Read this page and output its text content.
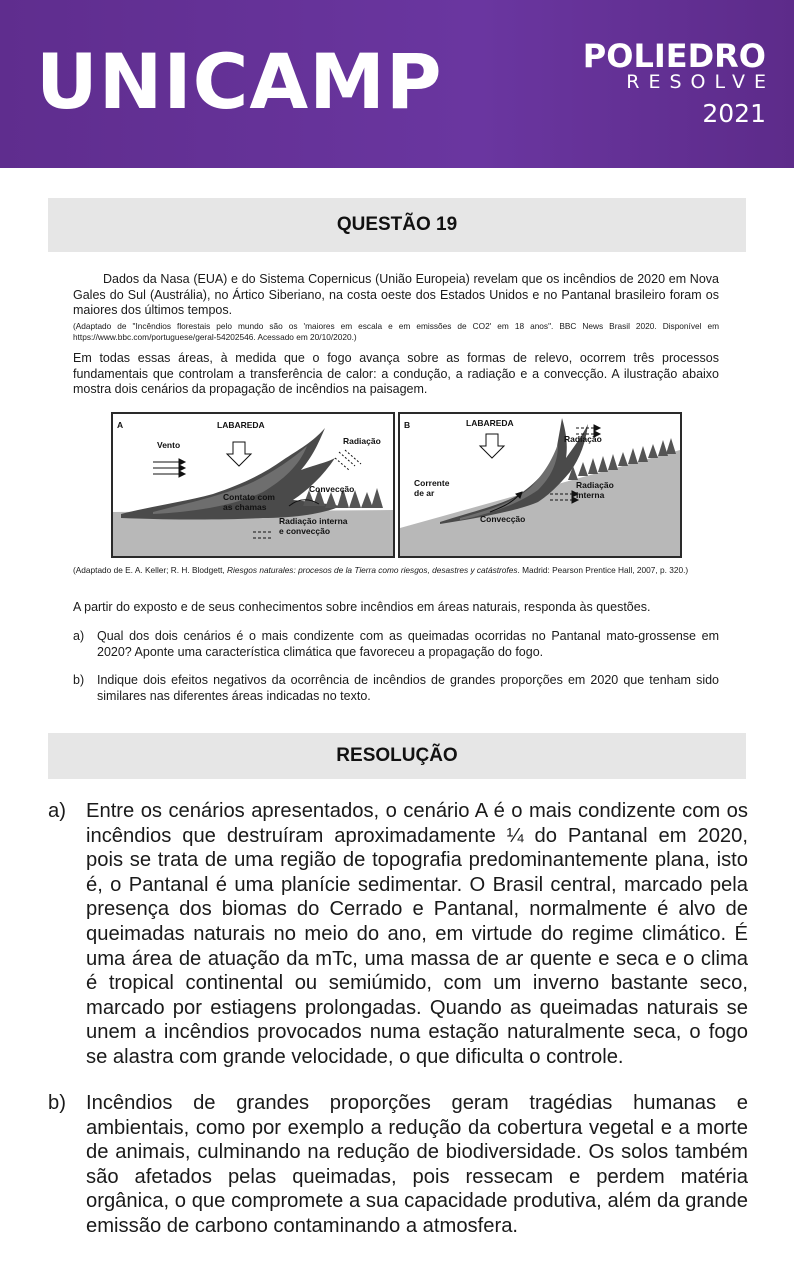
UNICAMP	POLIEDRO
RESOLVE
2021
QUESTÃO 19

Dados da Nasa (EUA) e do Sistema Copernicus (União Europeia) revelam que os incêndios de 2020 em Nova Gales do Sul (Austrália), no Ártico Siberiano, na costa oeste dos Estados Unidos e no Pantanal brasileiro foram os maiores dos últimos tempos.

(Adaptado de "Incêndios florestais pelo mundo são os 'maiores em escala e em emissões de CO2' em 18 anos". BBC News Brasil 2020. Disponível em https://www.bbc.com/portuguese/geral-54202546. Acessado em 20/10/2020.)

Em todas essas áreas, à medida que o fogo avança sobre as formas de relevo, ocorrem três processos fundamentais que controlam a transferência de calor: a condução, a radiação e a convecção. A ilustração abaixo mostra dois cenários da propagação de incêndios na paisagem.

A	LABAREDA
Vento	Radiação
Convecção
Contato com
as chamas
Radiação interna
e convecção
B	LABAREDA
Radiação
Corrente
de ar
Convecção
Radiação
interna

(Adaptado de E. A. Keller; R. H. Blodgett, Riesgos naturales: procesos de la Tierra como riesgos, desastres y catástrofes. Madrid: Pearson Prentice Hall, 2007, p. 320.)

A partir do exposto e de seus conhecimentos sobre incêndios em áreas naturais, responda às questões.

a) Qual dos dois cenários é o mais condizente com as queimadas ocorridas no Pantanal mato-grossense em 2020? Aponte uma característica climática que favoreceu a propagação do fogo.
b) Indique dois efeitos negativos da ocorrência de incêndios de grandes proporções em 2020 que tenham sido similares nas diferentes áreas indicadas no texto.
RESOLUÇÃO
a) Entre os cenários apresentados, o cenário A é o mais condizente com os incêndios que destruíram aproximadamente ¼ do Pantanal em 2020, pois se trata de uma região de topografia predominantemente plana, isto é, o Pantanal é uma planície sedimentar. O Brasil central, marcado pela presença dos biomas do Cerrado e Pantanal, normalmente é alvo de queimadas naturais no meio do ano, em virtude do regime climático. É uma área de atuação da mTc, uma massa de ar quente e seca e o clima é tropical continental ou semiúmido, com um inverno bastante seco, marcado por estiagens prolongadas. Quando as queimadas naturais se unem a incêndios provocados numa estação naturalmente seca, o fogo se alastra com grande velocidade, o que dificulta o controle.
b) Incêndios de grandes proporções geram tragédias humanas e ambientais, como por exemplo a redução da cobertura vegetal e a morte de animais, culminando na redução de biodiversidade. Os solos também são afetados pelas queimadas, pois ressecam e perdem matéria orgânica, o que compromete a sua capacidade produtiva, além da grande emissão de carbono contaminando a atmosfera.
